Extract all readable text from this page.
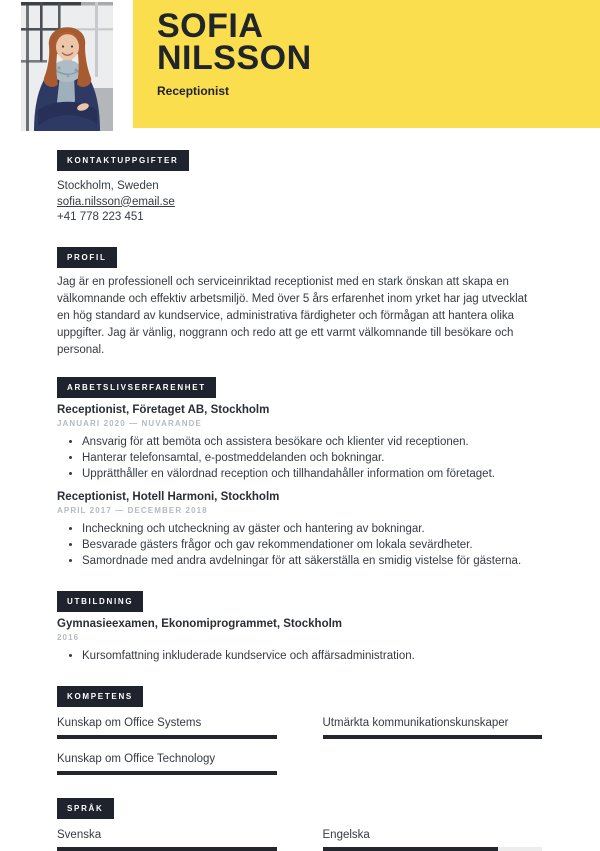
SOFIA
NILSSON
Receptionist
KONTAKTUPPGIFTER
Stockholm, Sweden
sofia.nilsson@email.se
+41 778 223 451
PROFIL

Jag är en professionell och serviceinriktad receptionist med en stark önskan att skapa en välkomnande och effektiv arbetsmiljö. Med över 5 års erfarenhet inom yrket har jag utvecklat en hög standard av kundservice, administrativa färdigheter och förmågan att hantera olika uppgifter. Jag är vänlig, noggrann och redo att ge ett varmt välkomnande till besökare och personal.

ARBETSLIVSERFARENHET
Receptionist, Företaget AB, Stockholm
JANUARI 2020 — NUVARANDE
• Ansvarig för att bemöta och assistera besökare och klienter vid receptionen.
• Hanterar telefonsamtal, e-postmeddelanden och bokningar.
• Upprätthåller en välordnad reception och tillhandahåller information om företaget.
Receptionist, Hotell Harmoni, Stockholm
APRIL 2017 — DECEMBER 2018
• Incheckning och utcheckning av gäster och hantering av bokningar.
• Besvarade gästers frågor och gav rekommendationer om lokala sevärdheter.
• Samordnade med andra avdelningar för att säkerställa en smidig vistelse för gästerna.
UTBILDNING
Gymnasieexamen, Ekonomiprogrammet, Stockholm
2016
• Kursomfattning inkluderade kundservice och affärsadministration.
KOMPETENS
Kunskap om Office Systems	Utmärkta kommunikationskunskaper
Kunskap om Office Technology
SPRÅK
Svenska	Engelska
